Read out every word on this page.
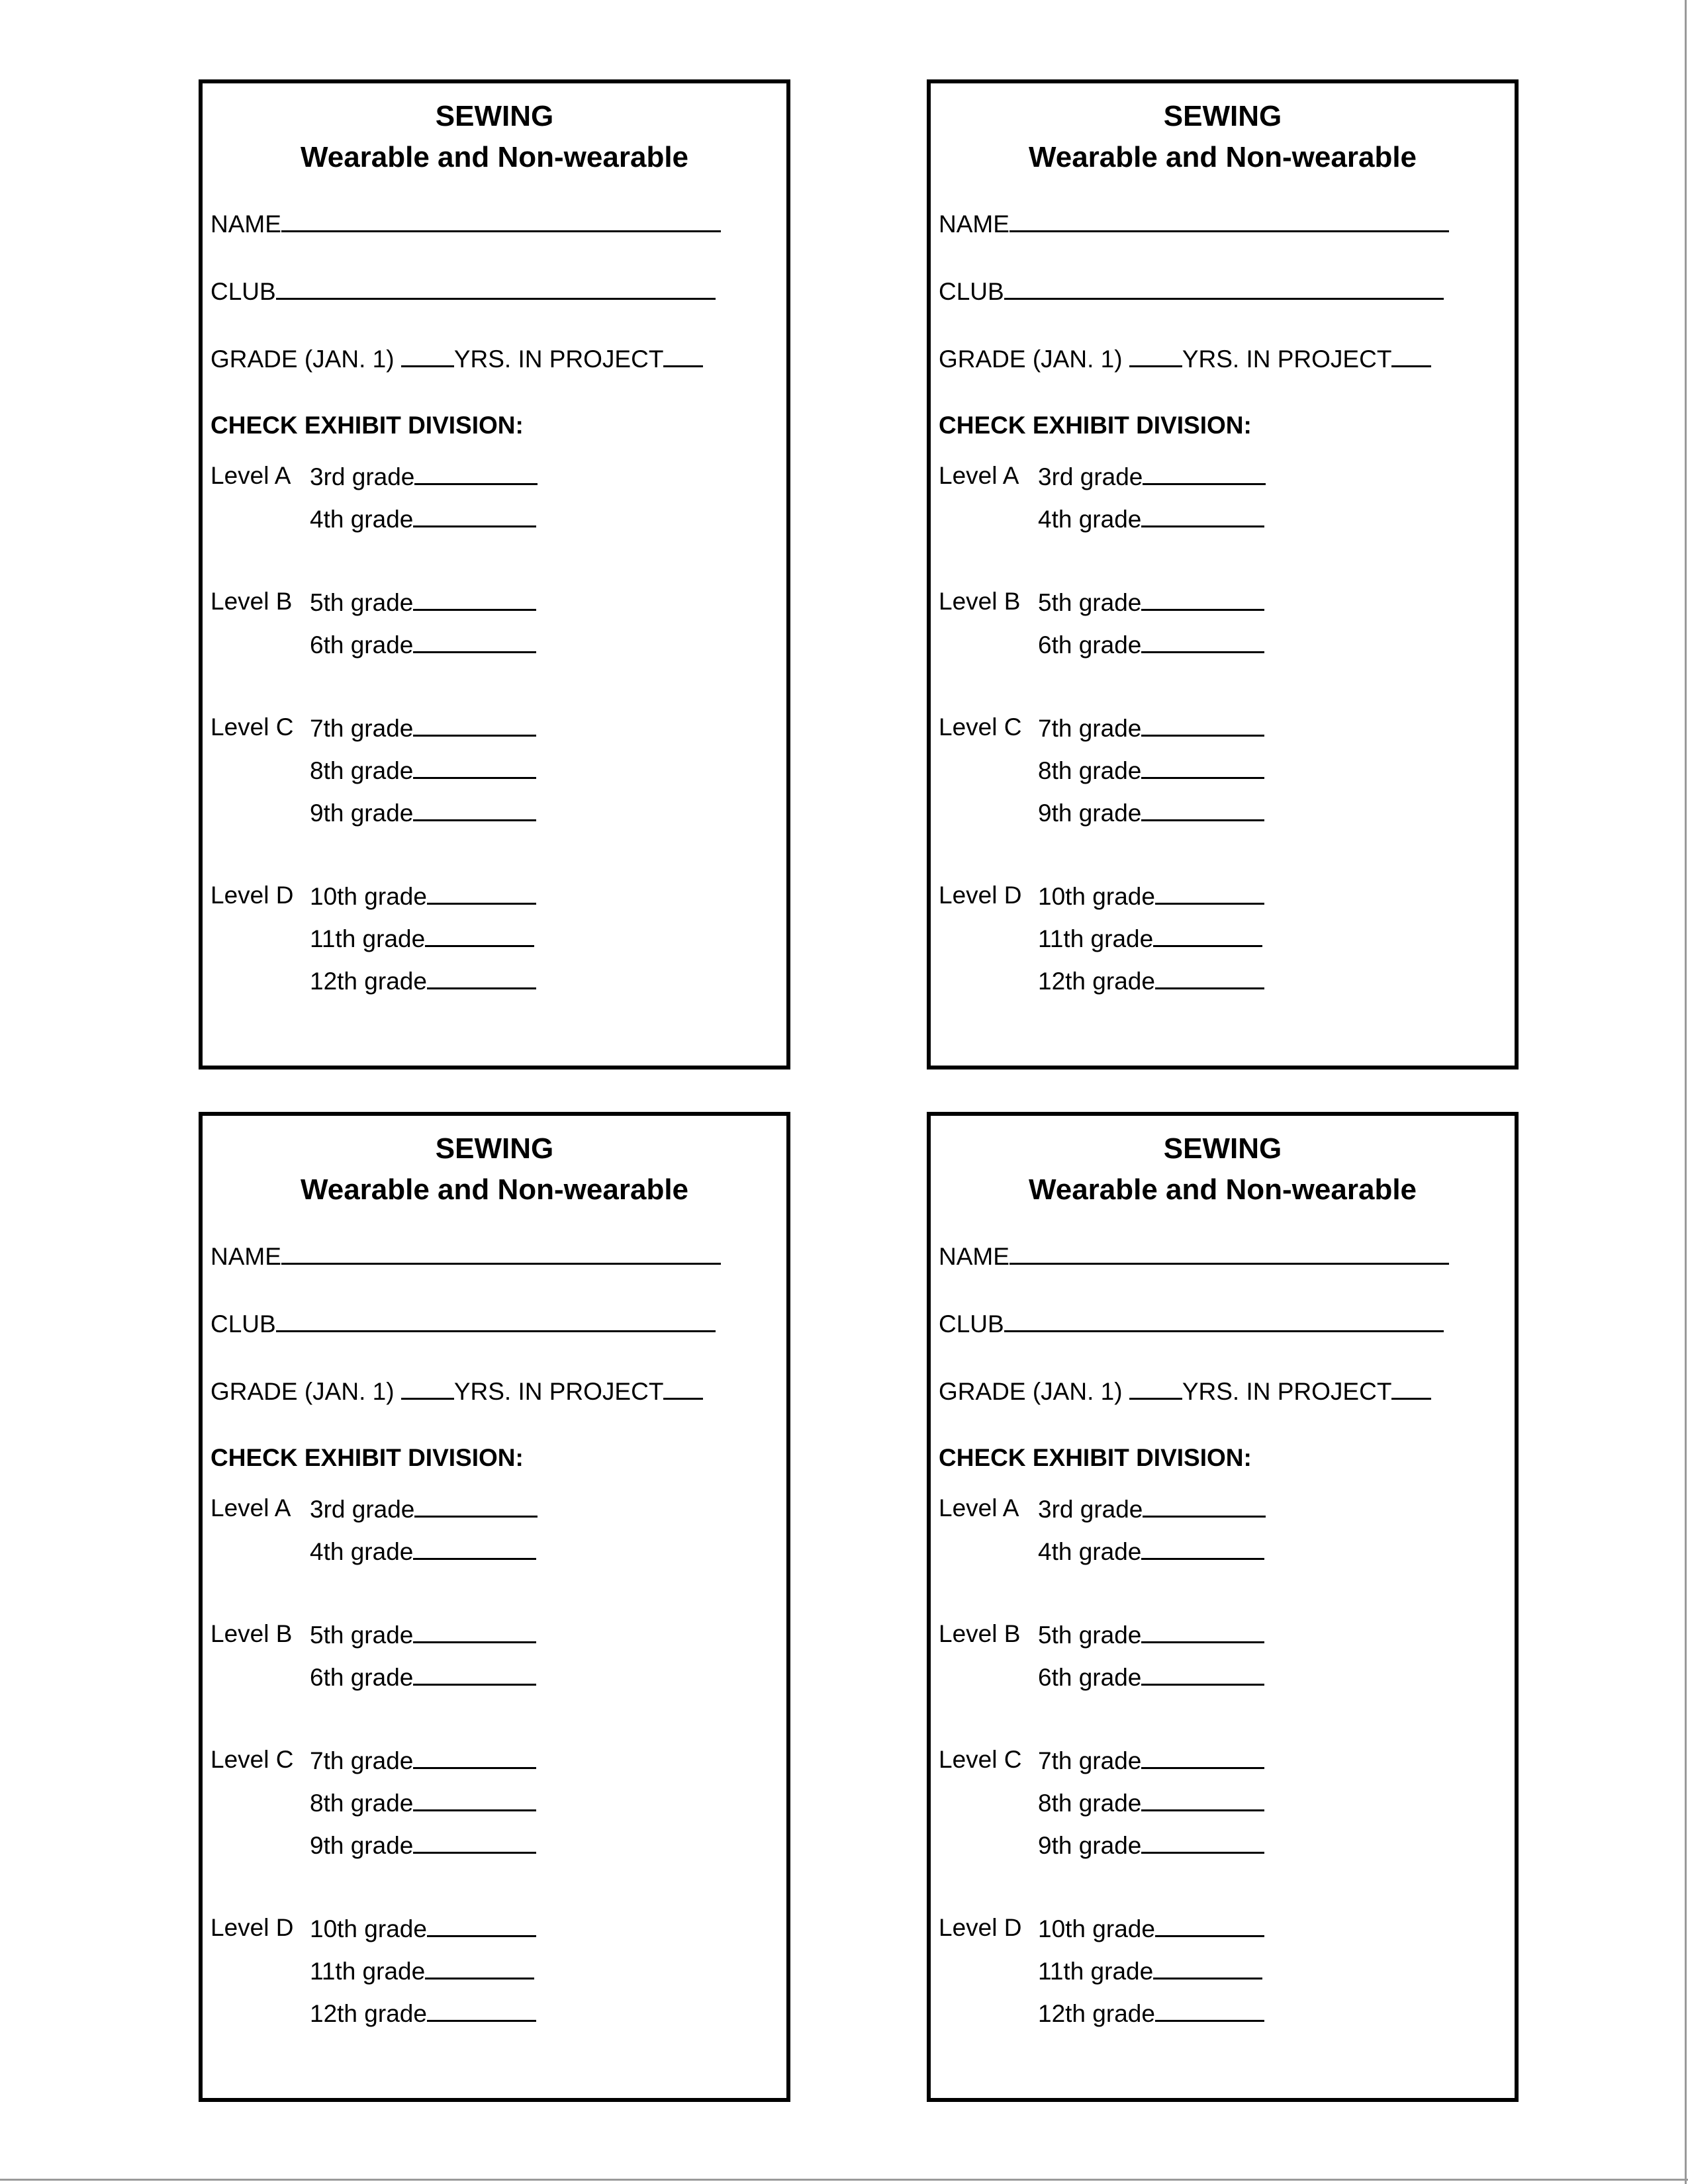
SEWING
Wearable and Non-wearable
NAME
CLUB
GRADE (JAN. 1) YRS. IN PROJECT
CHECK EXHIBIT DIVISION:
Level A 3rd grade
4th grade
Level B 5th grade
6th grade
Level C 7th grade
8th grade
9th grade
Level D 10th grade
11th grade
12th grade
SEWING
Wearable and Non-wearable
NAME
CLUB
GRADE (JAN. 1) YRS. IN PROJECT
CHECK EXHIBIT DIVISION:
Level A 3rd grade
4th grade
Level B 5th grade
6th grade
Level C 7th grade
8th grade
9th grade
Level D 10th grade
11th grade
12th grade
SEWING
Wearable and Non-wearable
NAME
CLUB
GRADE (JAN. 1) YRS. IN PROJECT
CHECK EXHIBIT DIVISION:
Level A 3rd grade
4th grade
Level B 5th grade
6th grade
Level C 7th grade
8th grade
9th grade
Level D 10th grade
11th grade
12th grade
SEWING
Wearable and Non-wearable
NAME
CLUB
GRADE (JAN. 1) YRS. IN PROJECT
CHECK EXHIBIT DIVISION:
Level A 3rd grade
4th grade
Level B 5th grade
6th grade
Level C 7th grade
8th grade
9th grade
Level D 10th grade
11th grade
12th grade
